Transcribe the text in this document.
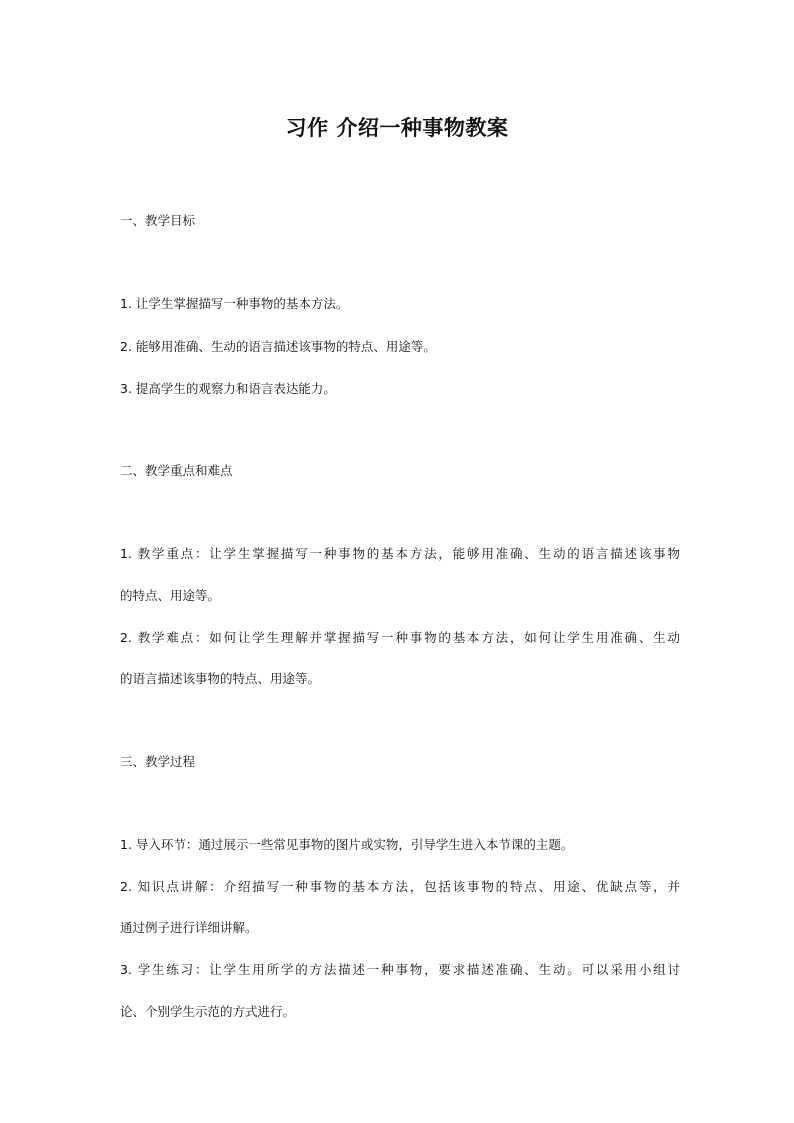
习作 介绍一种事物教案
一、教学目标
1. 让学生掌握描写一种事物的基本方法。
2. 能够用准确、生动的语言描述该事物的特点、用途等。
3. 提高学生的观察力和语言表达能力。
二、教学重点和难点
1. 教学重点：让学生掌握描写一种事物的基本方法，能够用准确、生动的语言描述该事物
的特点、用途等。
2. 教学难点：如何让学生理解并掌握描写一种事物的基本方法，如何让学生用准确、生动
的语言描述该事物的特点、用途等。
三、教学过程
1. 导入环节：通过展示一些常见事物的图片或实物，引导学生进入本节课的主题。
2. 知识点讲解：介绍描写一种事物的基本方法，包括该事物的特点、用途、优缺点等，并
通过例子进行详细讲解。
3. 学生练习：让学生用所学的方法描述一种事物，要求描述准确、生动。可以采用小组讨
论、个别学生示范的方式进行。
